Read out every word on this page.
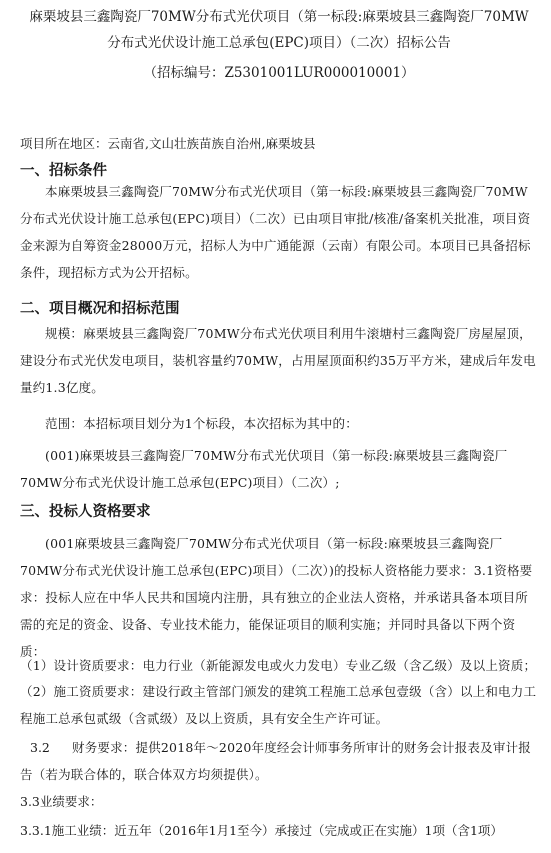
麻栗坡县三鑫陶瓷厂70MW分布式光伏项目（第一标段:麻栗坡县三鑫陶瓷厂70MW
分布式光伏设计施工总承包(EPC)项目）（二次）招标公告
（招标编号：Z5301001LUR000010001）
项目所在地区：云南省,文山壮族苗族自治州,麻栗坡县
一、招标条件
本麻栗坡县三鑫陶瓷厂70MW分布式光伏项目（第一标段:麻栗坡县三鑫陶瓷厂70MW分布式光伏设计施工总承包(EPC)项目）（二次）已由项目审批/核准/备案机关批准，项目资金来源为自筹资金28000万元，招标人为中广通能源（云南）有限公司。本项目已具备招标条件，现招标方式为公开招标。
二、项目概况和招标范围
规模：麻栗坡县三鑫陶瓷厂70MW分布式光伏项目利用牛滚塘村三鑫陶瓷厂房屋屋顶，建设分布式光伏发电项目，装机容量约70MW，占用屋顶面积约35万平方米，建成后年发电量约1.3亿度。
范围：本招标项目划分为1个标段，本次招标为其中的：
(001)麻栗坡县三鑫陶瓷厂70MW分布式光伏项目（第一标段:麻栗坡县三鑫陶瓷厂70MW分布式光伏设计施工总承包(EPC)项目）（二次）;
三、投标人资格要求
(001麻栗坡县三鑫陶瓷厂70MW分布式光伏项目（第一标段:麻栗坡县三鑫陶瓷厂70MW分布式光伏设计施工总承包(EPC)项目）（二次）)的投标人资格能力要求：3.1资格要求：投标人应在中华人民共和国境内注册，具有独立的企业法人资格，并承诺具备本项目所需的充足的资金、设备、专业技术能力，能保证项目的顺利实施；并同时具备以下两个资质：
（1）设计资质要求：电力行业（新能源发电或火力发电）专业乙级（含乙级）及以上资质；
（2）施工资质要求：建设行政主管部门颁发的建筑工程施工总承包壹级（含）以上和电力工程施工总承包贰级（含贰级）及以上资质，具有安全生产许可证。
3.2	财务要求：提供2018年～2020年度经会计师事务所审计的财务会计报表及审计报告（若为联合体的，联合体双方均须提供）。
3.3业绩要求：
3.3.1施工业绩：近五年（2016年1月1至今）承接过（完成或正在实施）1项（含1项）
